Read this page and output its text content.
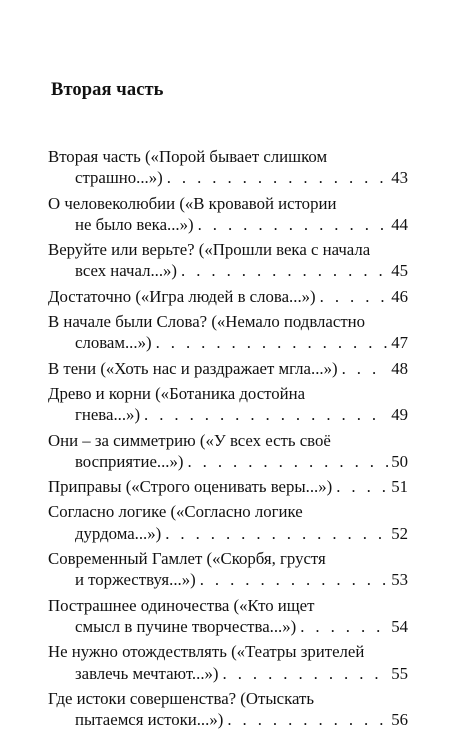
Вторая часть
Вторая часть («Порой бывает слишком
страшно...») . . .	43
О человеколюбии («В кровавой истории
не было века...») . . .	44
Веруйте или верьте? («Прошли века с начала
всех начал...») . . .	45
Достаточно («Игра людей в слова...») . . .	46
В начале были Слова? («Немало подвластно
словам...») . . .	47
В тени («Хоть нас и раздражает мгла...») . . .	48
Древо и корни («Ботаника достойна
гнева...») . . .	49
Они – за симметрию («У всех есть своё
восприятие...») . . .	50
Приправы («Строго оценивать веры...») . . .	51
Согласно логике («Согласно логике
дурдома...») . . .	52
Современный Гамлет («Скорбя, грустя
и торжествуя...») . . .	53
Пострашнее одиночества («Кто ищет
смысл в пучине творчества...») . . .	54
Не нужно отождествлять («Театры зрителей
завлечь мечтают...») . . .	55
Где истоки совершенства? (Отыскать
пытаемся истоки...») . . .	56
